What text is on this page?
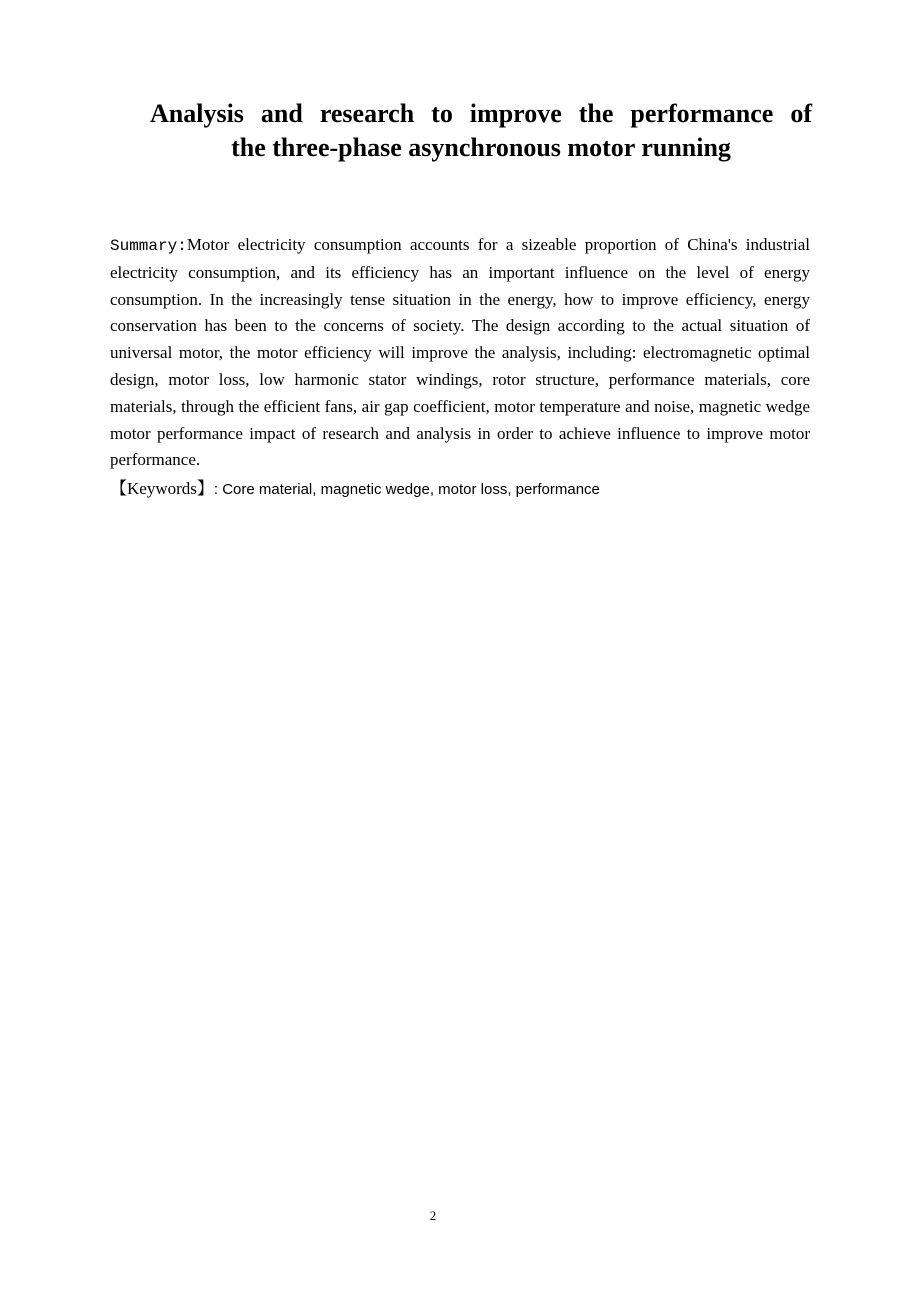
Analysis and research to improve the performance of
the three-phase asynchronous motor running

Summary:Motor electricity consumption accounts for a sizeable proportion of China's industrial electricity consumption, and its efficiency has an important influence on the level of energy consumption. In the increasingly tense situation in the energy, how to improve efficiency, energy conservation has been to the concerns of society. The design according to the actual situation of universal motor, the motor efficiency will improve the analysis, including: electromagnetic optimal design, motor loss, low harmonic stator windings, rotor structure, performance materials, core materials, through the efficient fans, air gap coefficient, motor temperature and noise, magnetic wedge motor performance impact of research and analysis in order to achieve influence to improve motor performance.

【Keywords】: Core material, magnetic wedge, motor loss, performance

2
